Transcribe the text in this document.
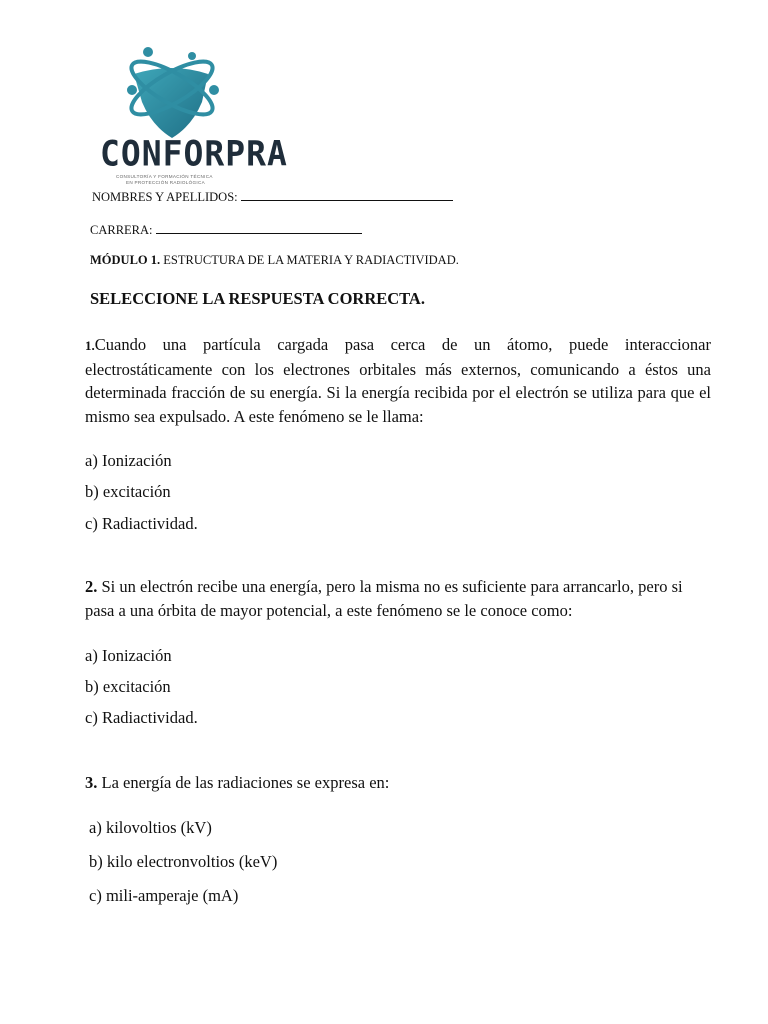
CONFORPRA
CONSULTORÍA Y FORMACIÓN TÉCNICA
EN PROTECCIÓN RADIOLÓGICA
NOMBRES Y APELLIDOS:
CARRERA:
MÓDULO 1. ESTRUCTURA DE LA MATERIA Y RADIACTIVIDAD.
SELECCIONE LA RESPUESTA CORRECTA.
1.Cuando una partícula cargada pasa cerca de un átomo, puede interaccionar electrostáticamente con los electrones orbitales más externos, comunicando a éstos una determinada fracción de su energía. Si la energía recibida por el electrón se utiliza para que el mismo sea expulsado. A este fenómeno se le llama:
a) Ionización
b) excitación
c) Radiactividad.
2. Si un electrón recibe una energía, pero la misma no es suficiente para arrancarlo, pero si pasa a una órbita de mayor potencial, a este fenómeno se le conoce como:
a) Ionización
b) excitación
c) Radiactividad.
3. La energía de las radiaciones se expresa en:
a) kilovoltios (kV)
b) kilo electronvoltios (keV)
c) mili-amperaje (mA)
